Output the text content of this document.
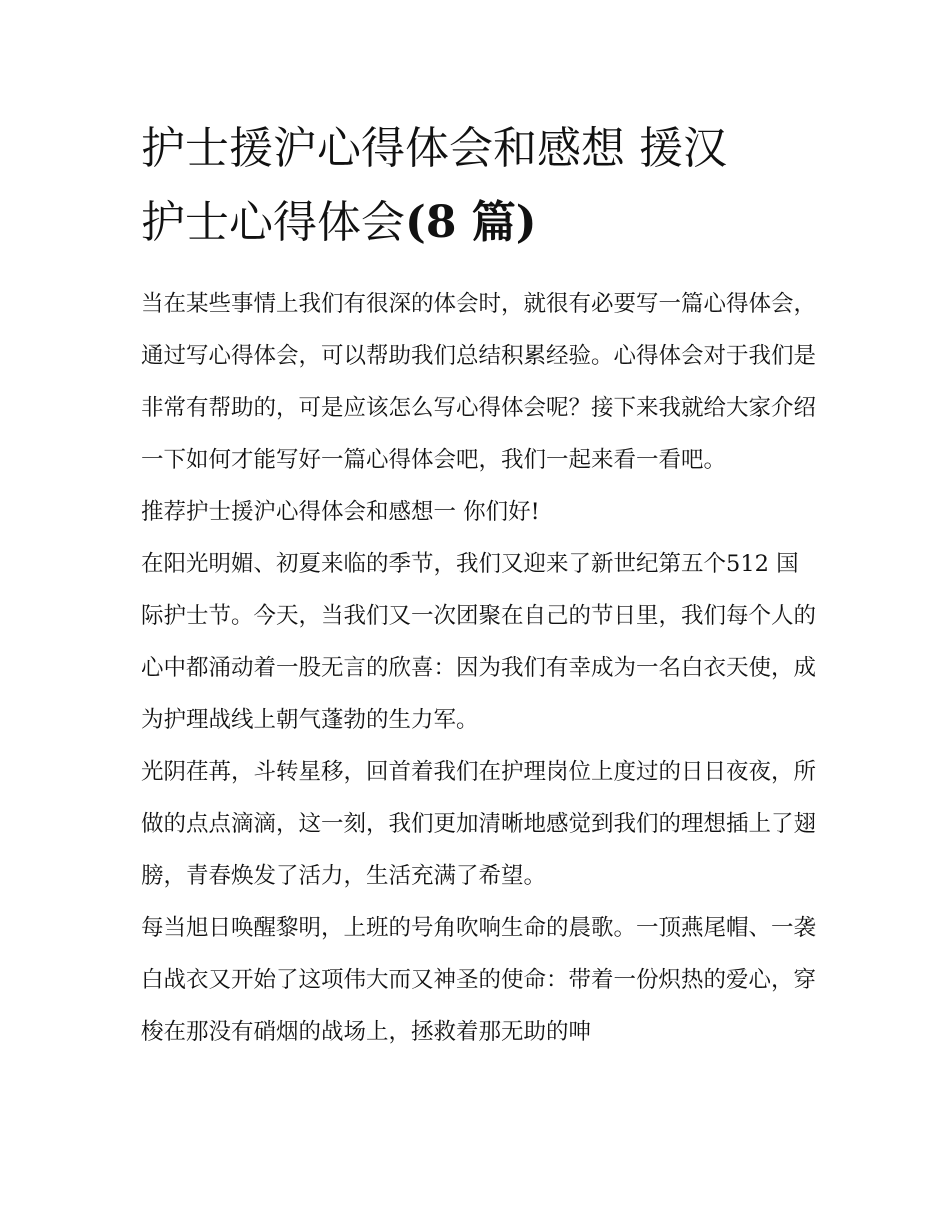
护士援沪心得体会和感想 援汉
护士心得体会(8 篇)

当在某些事情上我们有很深的体会时，就很有必要写一篇心得体会，通过写心得体会，可以帮助我们总结积累经验。心得体会对于我们是非常有帮助的，可是应该怎么写心得体会呢？接下来我就给大家介绍一下如何才能写好一篇心得体会吧，我们一起来看一看吧。

推荐护士援沪心得体会和感想一 你们好!

在阳光明媚、初夏来临的季节，我们又迎来了新世纪第五个512 国际护士节。今天，当我们又一次团聚在自己的节日里，我们每个人的心中都涌动着一股无言的欣喜：因为我们有幸成为一名白衣天使，成为护理战线上朝气蓬勃的生力军。

光阴荏苒，斗转星移，回首着我们在护理岗位上度过的日日夜夜，所做的点点滴滴，这一刻，我们更加清晰地感觉到我们的理想插上了翅膀，青春焕发了活力，生活充满了希望。

每当旭日唤醒黎明，上班的号角吹响生命的晨歌。一顶燕尾帽、一袭白战衣又开始了这项伟大而又神圣的使命：带着一份炽热的爱心，穿梭在那没有硝烟的战场上，拯救着那无助的呻
